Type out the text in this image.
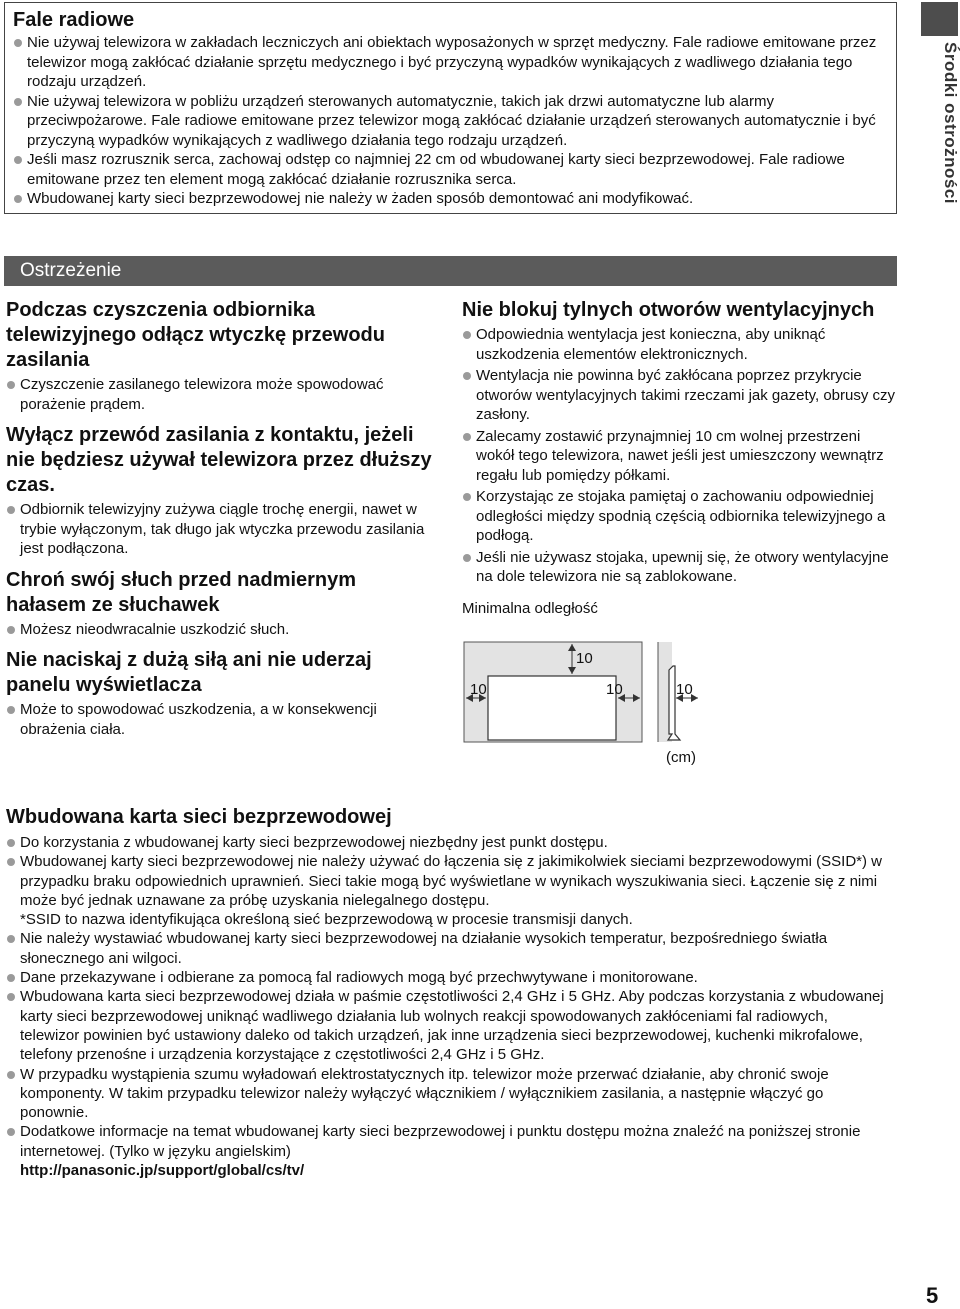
Fale radiowe

Nie używaj telewizora w zakładach leczniczych ani obiektach wyposażonych w sprzęt medyczny. Fale radiowe emitowane przez telewizor mogą zakłócać działanie sprzętu medycznego i być przyczyną wypadków wynikających z wadliwego działania tego rodzaju urządzeń.

Nie używaj telewizora w pobliżu urządzeń sterowanych automatycznie, takich jak drzwi automatyczne lub alarmy przeciwpożarowe. Fale radiowe emitowane przez telewizor mogą zakłócać działanie urządzeń sterowanych automatycznie i być przyczyną wypadków wynikających z wadliwego działania tego rodzaju urządzeń.

Jeśli masz rozrusznik serca, zachowaj odstęp co najmniej 22 cm od wbudowanej karty sieci bezprzewodowej. Fale radiowe emitowane przez ten element mogą zakłócać działanie rozrusznika serca.

Wbudowanej karty sieci bezprzewodowej nie należy w żaden sposób demontować ani modyfikować.	Środki ostrożności
Ostrzeżenie
Podczas czyszczenia odbiornika telewizyjnego odłącz wtyczkę przewodu zasilania

Czyszczenie zasilanego telewizora może spowodować porażenie prądem.

Wyłącz przewód zasilania z kontaktu, jeżeli nie będziesz używał telewizora przez dłuższy czas.

Odbiornik telewizyjny zużywa ciągle trochę energii, nawet w trybie wyłączonym, tak długo jak wtyczka przewodu zasilania jest podłączona.

Chroń swój słuch przed nadmiernym hałasem ze słuchawek

Możesz nieodwracalnie uszkodzić słuch.

Nie naciskaj z dużą siłą ani nie uderzaj panelu wyświetlacza

Może to spowodować uszkodzenia, a w konsekwencji obrażenia ciała.

Nie blokuj tylnych otworów wentylacyjnych

Odpowiednia wentylacja jest konieczna, aby uniknąć uszkodzenia elementów elektronicznych.

Wentylacja nie powinna być zakłócana poprzez przykrycie otworów wentylacyjnych takimi rzeczami jak gazety, obrusy czy zasłony.

Zalecamy zostawić przynajmniej 10 cm wolnej przestrzeni wokół tego telewizora, nawet jeśli jest umieszczony wewnątrz regału lub pomiędzy półkami.

Korzystając ze stojaka pamiętaj o zachowaniu odpowiedniej odległości między spodnią częścią odbiornika telewizyjnego a podłogą.

Jeśli nie używasz stojaka, upewnij się, że otwory wentylacyjne na dole telewizora nie są zablokowane.

Minimalna odległość
10
10	10	10
(cm)
Wbudowana karta sieci bezprzewodowej

Do korzystania z wbudowanej karty sieci bezprzewodowej niezbędny jest punkt dostępu.

Wbudowanej karty sieci bezprzewodowej nie należy używać do łączenia się z jakimikolwiek sieciami bezprzewodowymi (SSID*) w przypadku braku odpowiednich uprawnień. Sieci takie mogą być wyświetlane w wynikach wyszukiwania sieci. Łączenie się z nimi może być jednak uznawane za próbę uzyskania nielegalnego dostępu.

*SSID to nazwa identyfikująca określoną sieć bezprzewodową w procesie transmisji danych.

Nie należy wystawiać wbudowanej karty sieci bezprzewodowej na działanie wysokich temperatur, bezpośredniego światła słonecznego ani wilgoci.

Dane przekazywane i odbierane za pomocą fal radiowych mogą być przechwytywane i monitorowane.

Wbudowana karta sieci bezprzewodowej działa w paśmie częstotliwości 2,4 GHz i 5 GHz. Aby podczas korzystania z wbudowanej karty sieci bezprzewodowej uniknąć wadliwego działania lub wolnych reakcji spowodowanych zakłóceniami fal radiowych, telewizor powinien być ustawiony daleko od takich urządzeń, jak inne urządzenia sieci bezprzewodowej, kuchenki mikrofalowe, telefony przenośne i urządzenia korzystające z częstotliwości 2,4 GHz i 5 GHz.

W przypadku wystąpienia szumu wyładowań elektrostatycznych itp. telewizor może przerwać działanie, aby chronić swoje komponenty. W takim przypadku telewizor należy wyłączyć włącznikiem / wyłącznikiem zasilania, a następnie włączyć go ponownie.

Dodatkowe informacje na temat wbudowanej karty sieci bezprzewodowej i punktu dostępu można znaleźć na poniższej stronie internetowej. (Tylko w języku angielskim)

http://panasonic.jp/support/global/cs/tv/
5
